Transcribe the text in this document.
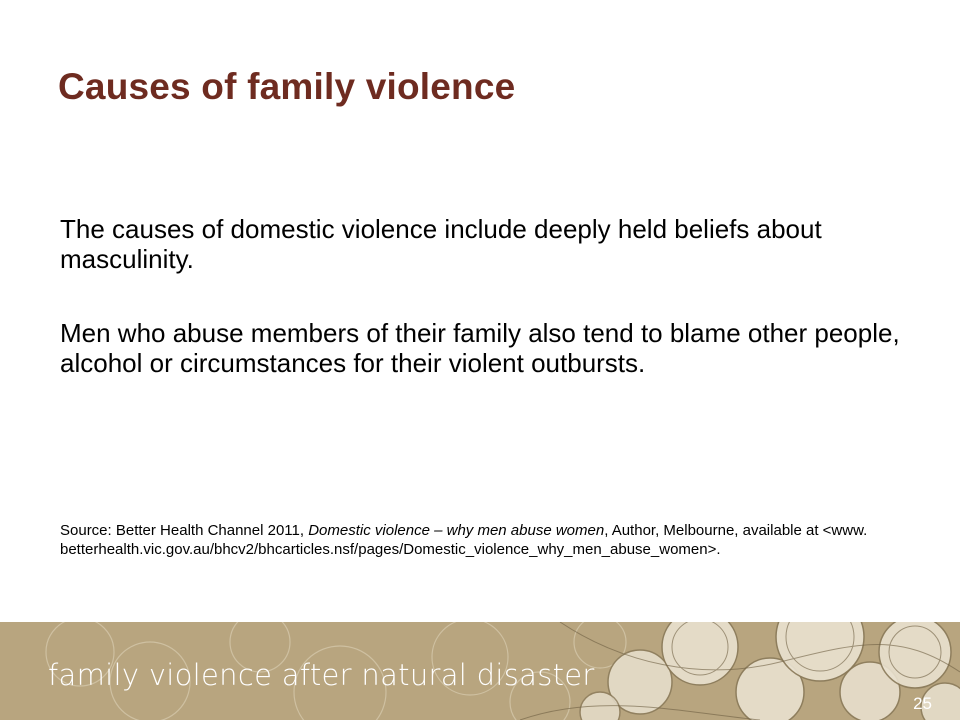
Causes of family violence

The causes of domestic violence include deeply held beliefs about masculinity.

Men who abuse members of their family also tend to blame other people, alcohol or circumstances for their violent outbursts.

Source: Better Health Channel 2011, Domestic violence – why men abuse women, Author, Melbourne, available at <www. betterhealth.vic.gov.au/bhcv2/bhcarticles.nsf/pages/Domestic_violence_why_men_abuse_women>.
family violence after natural disaster
25
